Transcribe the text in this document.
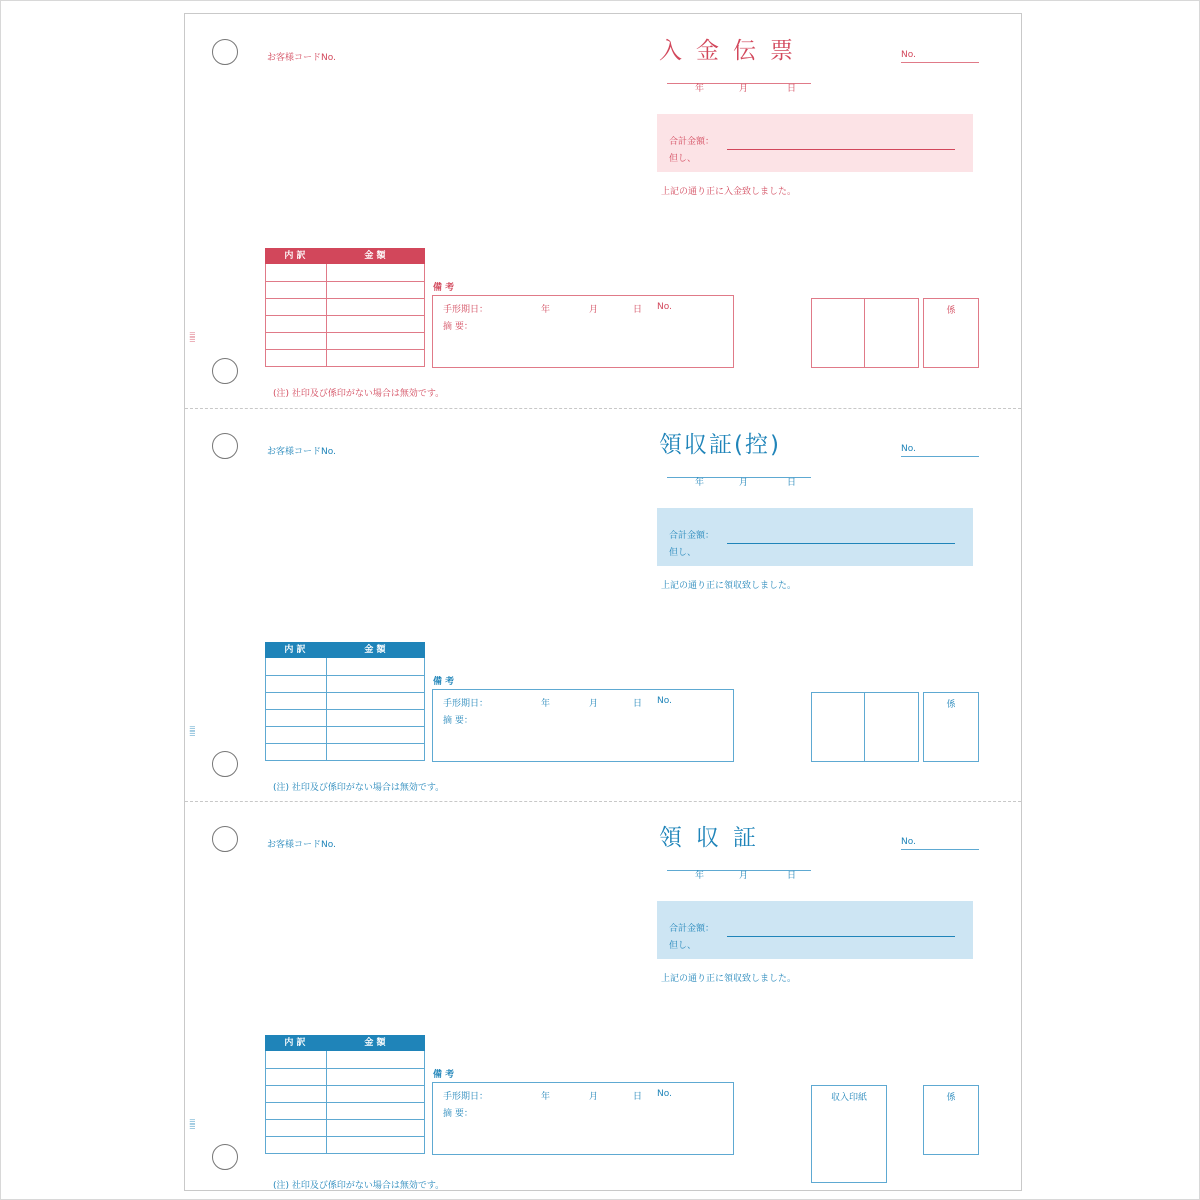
お客様コードNo.	入金伝票	No.
年	月	日
合計金額：
但し、
上記の通り正に入金致しました。
内 訳	金 額
備 考
手形期日：	年	月	日 No.
摘 要：
係
(注) 社印及び係印がない場合は無効です。
||||||
お客様コードNo.	領収証(控)	No.
年	月	日
合計金額：
但し、
上記の通り正に領収致しました。
内 訳	金 額
備 考
手形期日：	年	月	日 No.
摘 要：
係
(注) 社印及び係印がない場合は無効です。
||||||
お客様コードNo.	領収証	No.
年	月	日
合計金額：
但し、
上記の通り正に領収致しました。
内 訳	金 額
備 考
手形期日：	年	月	日 No.
摘 要：
収入印紙	係
(注) 社印及び係印がない場合は無効です。
||||||
